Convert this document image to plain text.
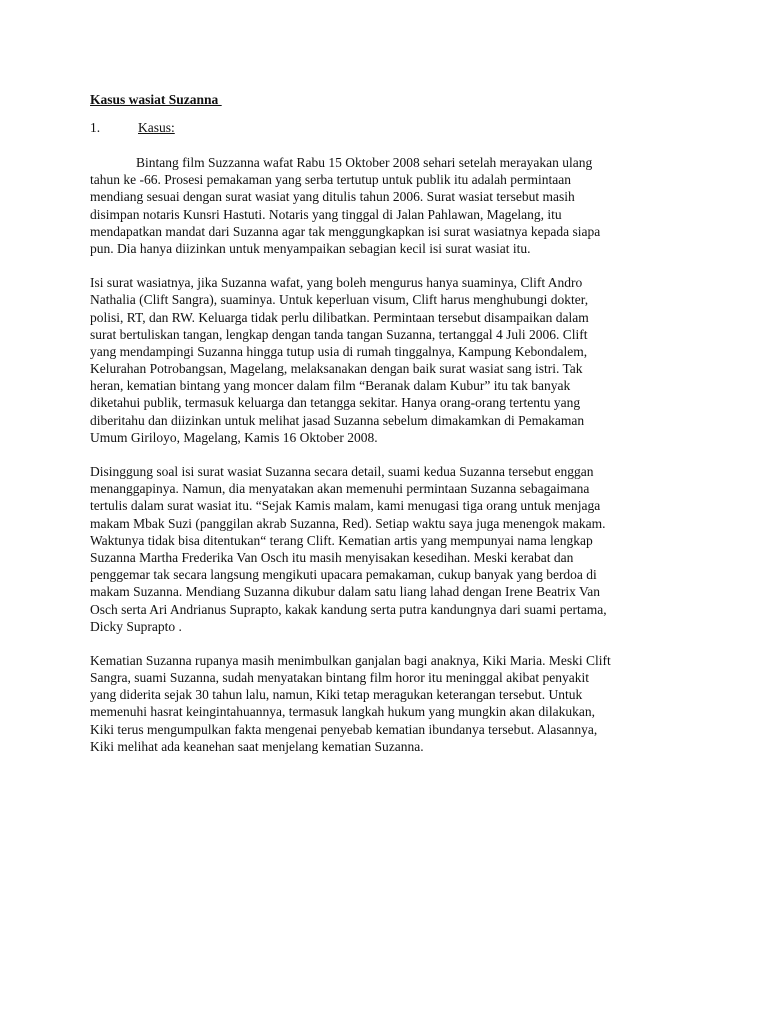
Kasus wasiat Suzanna
1.	Kasus:
Bintang film Suzzanna wafat Rabu 15 Oktober 2008 sehari setelah merayakan ulang
tahun ke -66. Prosesi pemakaman yang serba tertutup untuk publik itu adalah permintaan
mendiang sesuai dengan surat wasiat yang ditulis tahun 2006. Surat wasiat tersebut masih
disimpan notaris Kunsri Hastuti. Notaris yang tinggal di Jalan Pahlawan, Magelang, itu
mendapatkan mandat dari Suzanna agar tak menggungkapkan isi surat wasiatnya kepada siapa
pun. Dia hanya diizinkan untuk menyampaikan sebagian kecil isi surat wasiat itu.
Isi surat wasiatnya, jika Suzanna wafat, yang boleh mengurus hanya suaminya, Clift Andro
Nathalia (Clift Sangra), suaminya. Untuk keperluan visum, Clift harus menghubungi dokter,
polisi, RT, dan RW. Keluarga tidak perlu dilibatkan. Permintaan tersebut disampaikan dalam
surat bertuliskan tangan, lengkap dengan tanda tangan Suzanna, tertanggal 4 Juli 2006. Clift
yang mendampingi Suzanna hingga tutup usia di rumah tinggalnya, Kampung Kebondalem,
Kelurahan Potrobangsan, Magelang, melaksanakan dengan baik surat wasiat sang istri. Tak
heran, kematian bintang yang moncer dalam film “Beranak dalam Kubur” itu tak banyak
diketahui publik, termasuk keluarga dan tetangga sekitar. Hanya orang-orang tertentu yang
diberitahu dan diizinkan untuk melihat jasad Suzanna sebelum dimakamkan di Pemakaman
Umum Giriloyo, Magelang, Kamis 16 Oktober 2008.
Disinggung soal isi surat wasiat Suzanna secara detail, suami kedua Suzanna tersebut enggan
menanggapinya. Namun, dia menyatakan akan memenuhi permintaan Suzanna sebagaimana
tertulis dalam surat wasiat itu. “Sejak Kamis malam, kami menugasi tiga orang untuk menjaga
makam Mbak Suzi (panggilan akrab Suzanna, Red). Setiap waktu saya juga menengok makam.
Waktunya tidak bisa ditentukan“ terang Clift. Kematian artis yang mempunyai nama lengkap
Suzanna Martha Frederika Van Osch itu masih menyisakan kesedihan. Meski kerabat dan
penggemar tak secara langsung mengikuti upacara pemakaman, cukup banyak yang berdoa di
makam Suzanna. Mendiang Suzanna dikubur dalam satu liang lahad dengan Irene Beatrix Van
Osch serta Ari Andrianus Suprapto, kakak kandung serta putra kandungnya dari suami pertama,
Dicky Suprapto .
Kematian Suzanna rupanya masih menimbulkan ganjalan bagi anaknya, Kiki Maria. Meski Clift
Sangra, suami Suzanna, sudah menyatakan bintang film horor itu meninggal akibat penyakit
yang diderita sejak 30 tahun lalu, namun, Kiki tetap meragukan keterangan tersebut. Untuk
memenuhi hasrat keingintahuannya, termasuk langkah hukum yang mungkin akan dilakukan,
Kiki terus mengumpulkan fakta mengenai penyebab kematian ibundanya tersebut. Alasannya,
Kiki melihat ada keanehan saat menjelang kematian Suzanna.
